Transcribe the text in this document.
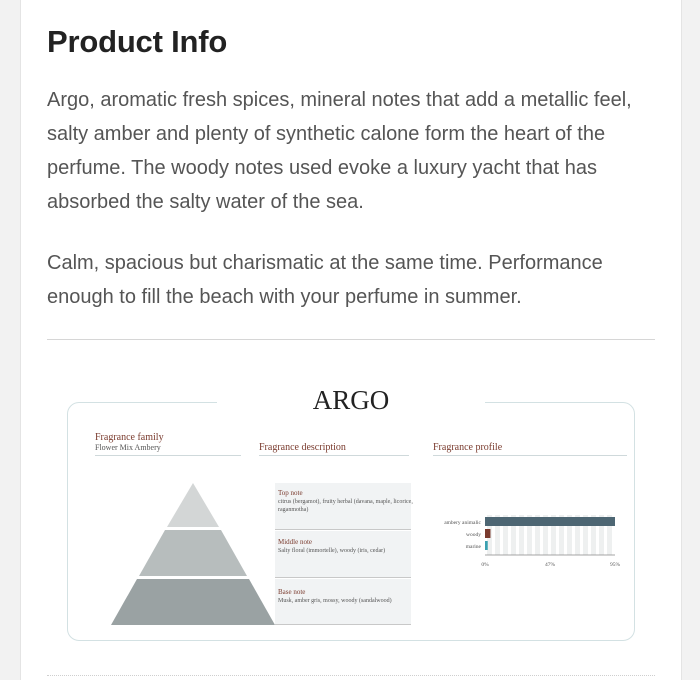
Product Info

Argo, aromatic fresh spices, mineral notes that add a metallic feel, salty amber and plenty of synthetic calone form the heart of the perfume. The woody notes used evoke a luxury yacht that has absorbed the salty water of the sea.

Calm, spacious but charismatic at the same time. Performance enough to fill the beach with your perfume in summer.

ARGO
Fragrance family
Flower Mix Ambery	Fragrance description	Fragrance profile
Top note
citrus (bergamot), fruity herbal (davana, maple, licorice, raganmotha)
Middle note
Salty floral (immortelle), woody (iris, cedar)
Base note
Musk, amber gris, mossy, woody (sandalwood)
ambery animalic
woody
marine
0%	47%	95%
